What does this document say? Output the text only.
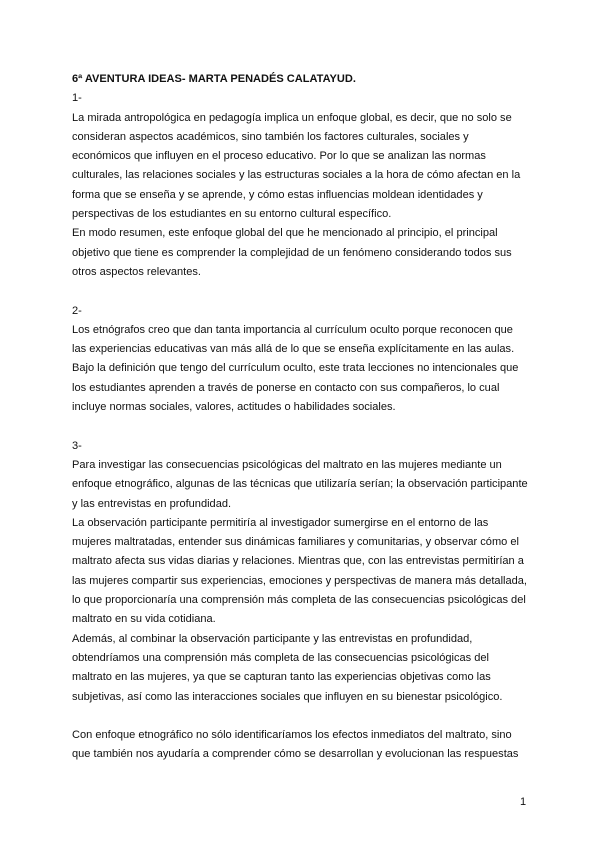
6ª AVENTURA IDEAS- MARTA PENADÉS CALATAYUD.

1-

La mirada antropológica en pedagogía implica un enfoque global, es decir, que no solo se consideran aspectos académicos, sino también los factores culturales, sociales y económicos que influyen en el proceso educativo. Por lo que se analizan las normas culturales, las relaciones sociales y las estructuras sociales a la hora de cómo afectan en la forma que se enseña y se aprende, y cómo estas influencias moldean identidades y perspectivas de los estudiantes en su entorno cultural específico.

En modo resumen, este enfoque global del que he mencionado al principio, el principal objetivo que tiene es comprender la complejidad de un fenómeno considerando todos sus otros aspectos relevantes.

2-

Los etnógrafos creo que dan tanta importancia al currículum oculto porque reconocen que las experiencias educativas van más allá de lo que se enseña explícitamente en las aulas. Bajo la definición que tengo del currículum oculto, este trata lecciones no intencionales que los estudiantes aprenden a través de ponerse en contacto con sus compañeros, lo cual incluye normas sociales, valores, actitudes o habilidades sociales.

3-

Para investigar las consecuencias psicológicas del maltrato en las mujeres mediante un enfoque etnográfico, algunas de las técnicas que utilizaría serían; la observación participante y las entrevistas en profundidad.

La observación participante permitiría al investigador sumergirse en el entorno de las mujeres maltratadas, entender sus dinámicas familiares y comunitarias, y observar cómo el maltrato afecta sus vidas diarias y relaciones. Mientras que, con las entrevistas permitirían a las mujeres compartir sus experiencias, emociones y perspectivas de manera más detallada, lo que proporcionaría una comprensión más completa de las consecuencias psicológicas del maltrato en su vida cotidiana.

Además, al combinar la observación participante y las entrevistas en profundidad, obtendríamos una comprensión más completa de las consecuencias psicológicas del maltrato en las mujeres, ya que se capturan tanto las experiencias objetivas como las subjetivas, así como las interacciones sociales que influyen en su bienestar psicológico.

Con enfoque etnográfico no sólo identificaríamos los efectos inmediatos del maltrato, sino que también nos ayudaría a comprender cómo se desarrollan y evolucionan las respuestas

1
